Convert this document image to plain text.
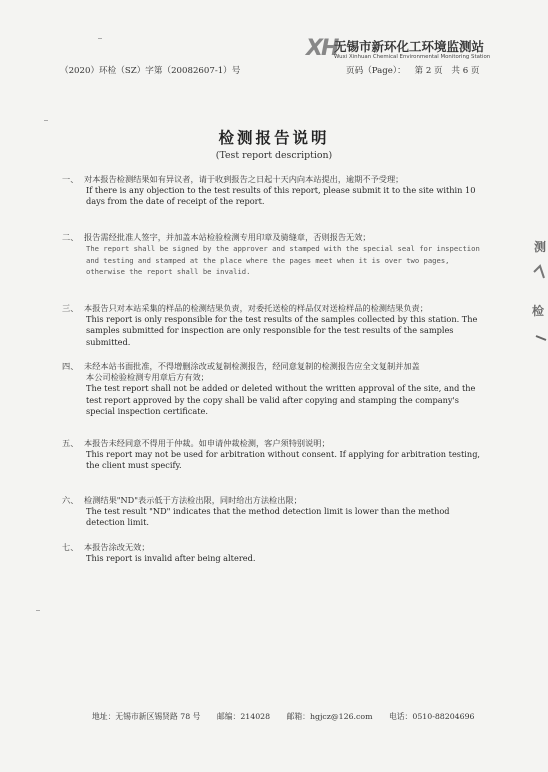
XH
无锡市新环化工环境监测站
Wuxi Xinhuan Chemical Environmental Monitoring Station
（2020）环检（SZ）字第（20082607-1）号	页码（Page）： 第 2 页 共 6 页
检测报告说明
(Test report description)
一、 对本报告检测结果如有异议者，请于收到报告之日起十天内向本站提出，逾期不予受理；
If there is any objection to the test results of this report, please submit it to the site within 10 days from the date of receipt of the report.
二、 报告需经批准人签字，并加盖本站检验检测专用印章及骑缝章，否则报告无效；
The report shall be signed by the approver and stamped with the special seal for inspection and testing and stamped at the place where the pages meet when it is over two pages, otherwise the report shall be invalid.
三、 本报告只对本站采集的样品的检测结果负责，对委托送检的样品仅对送检样品的检测结果负责；
This report is only responsible for the test results of the samples collected by this station. The samples submitted for inspection are only responsible for the test results of the samples submitted.
四、 未经本站书面批准，不得增删涂改或复制检测报告，经同意复制的检测报告应全文复制并加盖
本公司检验检测专用章后方有效；
The test report shall not be added or deleted without the written approval of the site, and the test report approved by the copy shall be valid after copying and stamping the company's special inspection certificate.
五、 本报告未经同意不得用于仲裁。如申请仲裁检测，客户须特别说明；
This report may not be used for arbitration without consent. If applying for arbitration testing, the client must specify.
六、 检测结果"ND"表示低于方法检出限，同时给出方法检出限；
The test result "ND" indicates that the method detection limit is lower than the method detection limit.
七、 本报告涂改无效；
This report is invalid after being altered.
地址：无锡市新区锡贤路 78 号 邮编：214028 邮箱：hgjcz@126.com 电话：0510-88204696
测
检
